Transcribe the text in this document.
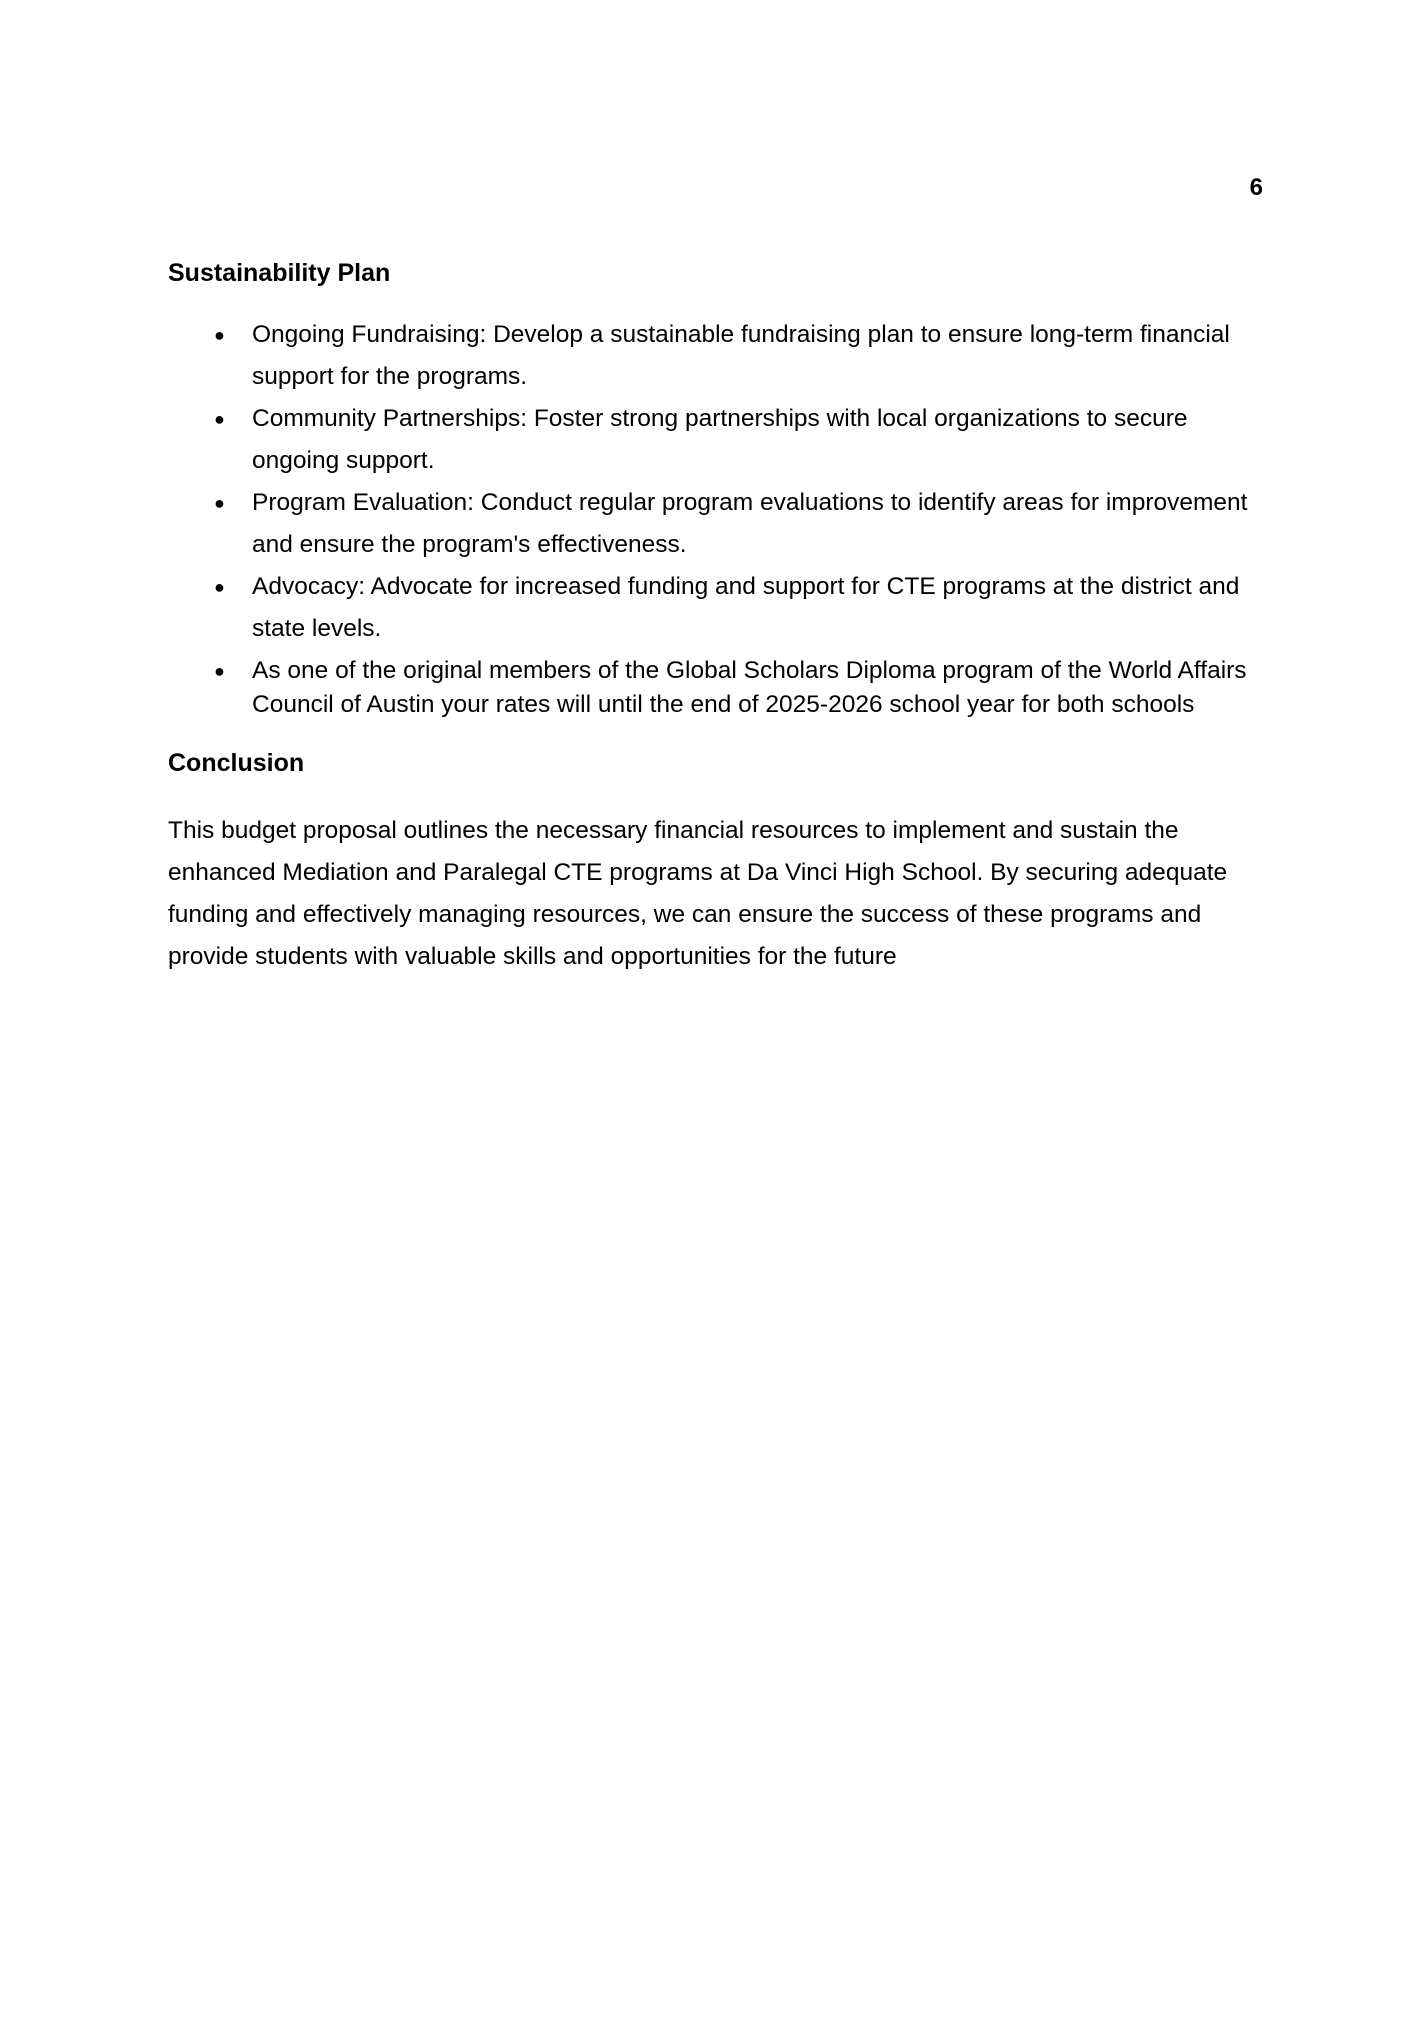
6
Sustainability Plan
● Ongoing Fundraising: Develop a sustainable fundraising plan to ensure long-term financial support for the programs.
● Community Partnerships: Foster strong partnerships with local organizations to secure ongoing support.
● Program Evaluation: Conduct regular program evaluations to identify areas for improvement and ensure the program's effectiveness.
● Advocacy: Advocate for increased funding and support for CTE programs at the district and state levels.
● As one of the original members of the Global Scholars Diploma program of the World Affairs Council of Austin your rates will until the end of 2025-2026 school year for both schools
Conclusion

This budget proposal outlines the necessary financial resources to implement and sustain the enhanced Mediation and Paralegal CTE programs at Da Vinci High School. By securing adequate funding and effectively managing resources, we can ensure the success of these programs and provide students with valuable skills and opportunities for the future
